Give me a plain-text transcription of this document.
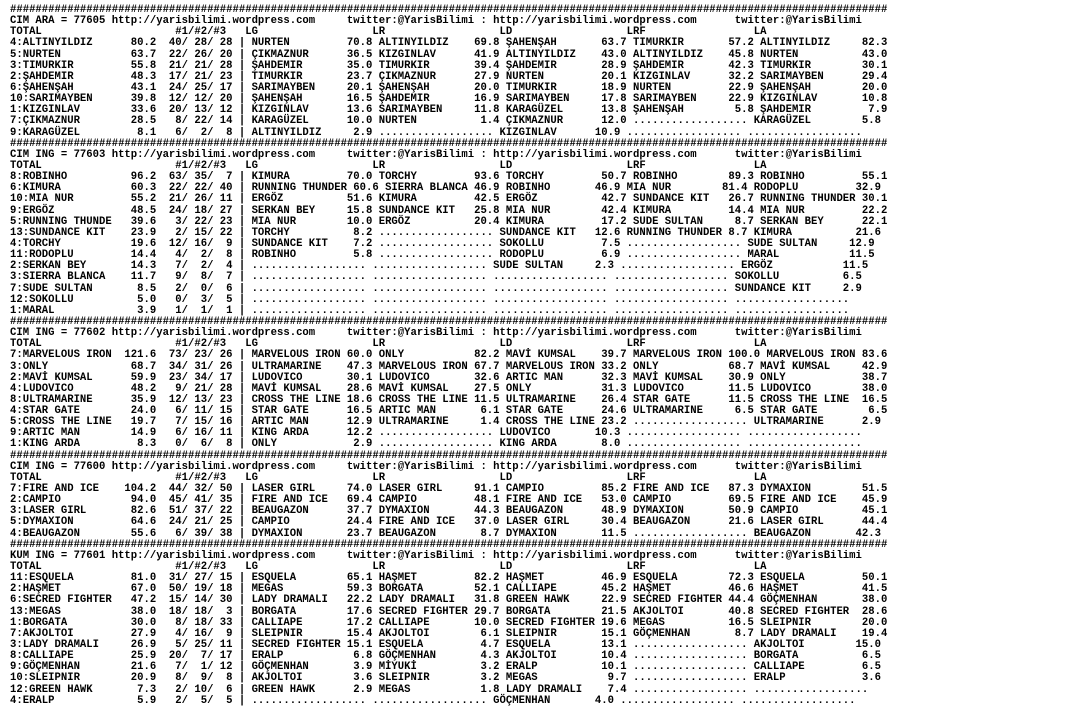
##########################################################################################################################################
CIM ARA = 77605 http://yarisbilimi.wordpress.com     twitter:@YarisBilimi : http://yarisbilimi.wordpress.com      twitter:@YarisBilimi
TOTAL                     #1/#2/#3   LG                  LR                  LD                  LRF                 LA
4:ALTINYILDIZ      80.2  40/ 28/ 28 | NURTEN         70.8 ALTINYILDIZ    69.8 ŞAHENŞAH       63.7 TIMURKIR       57.2 ALTINYILDIZ     82.3
5:NURTEN           63.7  22/ 26/ 20 | ÇIKMAZNUR      36.5 KIZGINLAV      41.9 ALTINYILDIZ    43.0 ALTINYILDIZ    45.8 NURTEN          43.0
3:TIMURKIR         55.8  21/ 21/ 28 | ŞAHDEMIR       35.0 TIMURKIR       39.4 ŞAHDEMIR       28.9 ŞAHDEMIR       42.3 TIMURKIR        30.1
2:ŞAHDEMIR         48.3  17/ 21/ 23 | TIMURKIR       23.7 ÇIKMAZNUR      27.9 NURTEN         20.1 KIZGINLAV      32.2 SARIMAYBEN      29.4
6:ŞAHENŞAH         43.1  24/ 25/ 17 | SARIMAYBEN     20.1 ŞAHENŞAH       20.0 TIMURKIR       18.9 NURTEN         22.9 ŞAHENŞAH        20.0
10:SARIMAYBEN      39.8  12/ 12/ 20 | ŞAHENŞAH       16.5 ŞAHDEMIR       16.9 SARIMAYBEN     17.8 SARIMAYBEN     22.9 KIZGINLAV       10.8
1:KIZGINLAV        33.6  20/ 13/ 12 | KIZGINLAV      13.6 SARIMAYBEN     11.8 KARAGÜZEL      13.8 ŞAHENŞAH        5.8 ŞAHDEMIR         7.9
7:ÇIKMAZNUR        28.5   8/ 22/ 14 | KARAGÜZEL      10.0 NURTEN          1.4 ÇIKMAZNUR      12.0 .................. KARAGÜZEL        5.8
9:KARAGÜZEL         8.1   6/  2/  8 | ALTINYILDIZ     2.9 .................. KIZGINLAV      10.9 .................. ..................
##########################################################################################################################################
CIM ING = 77603 http://yarisbilimi.wordpress.com     twitter:@YarisBilimi : http://yarisbilimi.wordpress.com      twitter:@YarisBilimi
TOTAL                     #1/#2/#3   LG                  LR                  LD                  LRF                 LA
8:ROBINHO          96.2  63/ 35/  7 | KIMURA         70.0 TORCHY         93.6 TORCHY         50.7 ROBINHO        89.3 ROBINHO         55.1
6:KIMURA           60.3  22/ 22/ 40 | RUNNING THUNDER 60.6 SIERRA BLANCA 46.9 ROBINHO       46.9 MIA NUR        81.4 RODOPLU         32.9
10:MIA NUR         55.2  21/ 26/ 11 | ERGÖZ          51.6 KIMURA         42.5 ERGÖZ          42.7 SUNDANCE KIT   26.7 RUNNING THUNDER 30.1
9:ERGÖZ            48.5  24/ 18/ 27 | SERKAN BEY     15.8 SUNDANCE KIT   25.8 MIA NUR        42.4 KIMURA         14.4 MIA NUR         22.2
5:RUNNING THUNDE   39.6   3/ 22/ 23 | MIA NUR        10.0 ERGÖZ          20.4 KIMURA         17.2 SUDE SULTAN     8.7 SERKAN BEY      22.1
13:SUNDANCE KIT    23.9   2/ 15/ 22 | TORCHY          8.2 .................. SUNDANCE KIT   12.6 RUNNING THUNDER 8.7 KIMURA          21.6
4:TORCHY           19.6  12/ 16/  9 | SUNDANCE KIT    7.2 .................. SOKOLLU         7.5 .................. SUDE SULTAN     12.9
11:RODOPLU         14.4   4/  2/  8 | ROBINHO         5.8 .................. RODOPLU         6.9 .................. MARAL           11.5
2:SERKAN BEY       14.3   7/  2/  4 | .................. .................. SUDE SULTAN     2.3 .................. ERGÖZ           11.5
3:SIERRA BLANCA    11.7   9/  8/  7 | .................. .................. .................. .................. SOKOLLU          6.5
7:SUDE SULTAN       8.5   2/  0/  6 | .................. .................. .................. .................. SUNDANCE KIT     2.9
12:SOKOLLU          5.0   0/  3/  5 | .................. .................. .................. .................. ..................
1:MARAL             3.9   1/  1/  1 | .................. .................. .................. .................. ..................
##########################################################################################################################################
CIM ING = 77602 http://yarisbilimi.wordpress.com     twitter:@YarisBilimi : http://yarisbilimi.wordpress.com      twitter:@YarisBilimi
TOTAL                     #1/#2/#3   LG                  LR                  LD                  LRF                 LA
7:MARVELOUS IRON  121.6  73/ 23/ 26 | MARVELOUS IRON 60.0 ONLY           82.2 MAVİ KUMSAL    39.7 MARVELOUS IRON 100.0 MARVELOUS IRON 83.6
3:ONLY             68.7  34/ 31/ 26 | ULTRAMARINE    47.3 MARVELOUS IRON 67.7 MARVELOUS IRON 33.2 ONLY           68.7 MAVİ KUMSAL     42.9
2:MAVİ KUMSAL      59.9  23/ 34/ 17 | LUDOVICO       30.1 LUDOVICO       32.6 ARTIC MAN      32.3 MAVİ KUMSAL    30.9 ONLY            38.7
4:LUDOVICO         48.2   9/ 21/ 28 | MAVİ KUMSAL    28.6 MAVİ KUMSAL    27.5 ONLY           31.3 LUDOVICO       11.5 LUDOVICO        38.0
8:ULTRAMARINE      35.9  12/ 13/ 23 | CROSS THE LINE 18.6 CROSS THE LINE 11.5 ULTRAMARINE    26.4 STAR GATE      11.5 CROSS THE LINE  16.5
4:STAR GATE        24.0   6/ 11/ 15 | STAR GATE      16.5 ARTIC MAN       6.1 STAR GATE      24.6 ULTRAMARINE     6.5 STAR GATE        6.5
5:CROSS THE LINE   19.7   7/ 15/ 16 | ARTIC MAN      12.9 ULTRAMARINE     1.4 CROSS THE LINE 23.2 .................. ULTRAMARINE      2.9
9:ARTIC MAN        14.9   6/ 16/ 11 | KING ARDA      12.2 .................. LUDOVICO       10.3 .................. ..................
1:KING ARDA         8.3   0/  6/  8 | ONLY            2.9 .................. KING ARDA       8.0 .................. ..................
##########################################################################################################################################
CIM ING = 77600 http://yarisbilimi.wordpress.com     twitter:@YarisBilimi : http://yarisbilimi.wordpress.com      twitter:@YarisBilimi
TOTAL                     #1/#2/#3   LG                  LR                  LD                  LRF                 LA
7:FIRE AND ICE    104.2  44/ 32/ 50 | LASER GIRL     74.0 LASER GIRL     91.1 CAMPIO         85.2 FIRE AND ICE   87.3 DYMAXION        51.5
2:CAMPIO           94.0  45/ 41/ 35 | FIRE AND ICE   69.4 CAMPIO         48.1 FIRE AND ICE   53.0 CAMPIO         69.5 FIRE AND ICE    45.9
3:LASER GIRL       82.6  51/ 37/ 22 | BEAUGAZON      37.7 DYMAXION       44.3 BEAUGAZON      48.9 DYMAXION       50.9 CAMPIO          45.1
5:DYMAXION         64.6  24/ 21/ 25 | CAMPIO         24.4 FIRE AND ICE   37.0 LASER GIRL     30.4 BEAUGAZON      21.6 LASER GIRL      44.4
4:BEAUGAZON        55.6   6/ 39/ 38 | DYMAXION       23.7 BEAUGAZON       8.7 DYMAXION       11.5 .................. BEAUGAZON       42.3
##########################################################################################################################################
KUM ING = 77601 http://yarisbilimi.wordpress.com     twitter:@YarisBilimi : http://yarisbilimi.wordpress.com      twitter:@YarisBilimi
TOTAL                     #1/#2/#3   LG                  LR                  LD                  LRF                 LA
11:ESQUELA         81.0  31/ 27/ 15 | ESQUELA        65.1 HAŞMET         82.2 HAŞMET         46.9 ESQUELA        72.3 ESQUELA         50.1
2:HAŞMET           67.0  50/ 19/ 18 | MEGAS          59.3 BORGATA        52.1 CALLIAPE       45.2 HAŞMET         46.6 HAŞMET          41.5
6:SECRED FIGHTER   47.2  15/ 14/ 30 | LADY DRAMALI   22.2 LADY DRAMALI   31.8 GREEN HAWK     22.9 SECRED FIGHTER 44.4 GÖÇMENHAN       38.0
13:MEGAS           38.0  18/ 18/  3 | BORGATA        17.6 SECRED FIGHTER 29.7 BORGATA        21.5 AKJOLTOI       40.8 SECRED FIGHTER  28.6
1:BORGATA          30.0   8/ 18/ 33 | CALLIAPE       17.2 CALLIAPE       10.0 SECRED FIGHTER 19.6 MEGAS          16.5 SLEIPNIR        20.0
7:AKJOLTOI         27.9   4/ 16/  9 | SLEIPNIR       15.4 AKJOLTOI        6.1 SLEIPNIR       15.1 GÖÇMENHAN       8.7 LADY DRAMALI    19.4
3:LADY DRAMALI     26.9   5/ 25/ 11 | SECRED FIGHTER 15.1 ESQUELA         4.7 ESQUELA        13.1 .................. AKJOLTOI        15.0
8:CALLIAPE         25.9  20/  7/ 17 | ERALP           6.8 GÖÇMENHAN       4.3 AKJOLTOI       10.4 .................. BORGATA          6.5
9:GÖÇMENHAN        21.6   7/  1/ 12 | GÖÇMENHAN       3.9 MİYUKİ          3.2 ERALP          10.1 .................. CALLIAPE         6.5
10:SLEIPNIR        20.9   8/  9/  8 | AKJOLTOI        3.6 SLEIPNIR        3.2 MEGAS           9.7 .................. ERALP            3.6
12:GREEN HAWK       7.3   2/ 10/  6 | GREEN HAWK      2.9 MEGAS           1.8 LADY DRAMALI    7.4 .................. ..................
4:ERALP             5.9   2/  5/  5 | .................. .................. GÖÇMENHAN       4.0 .................. ..................
